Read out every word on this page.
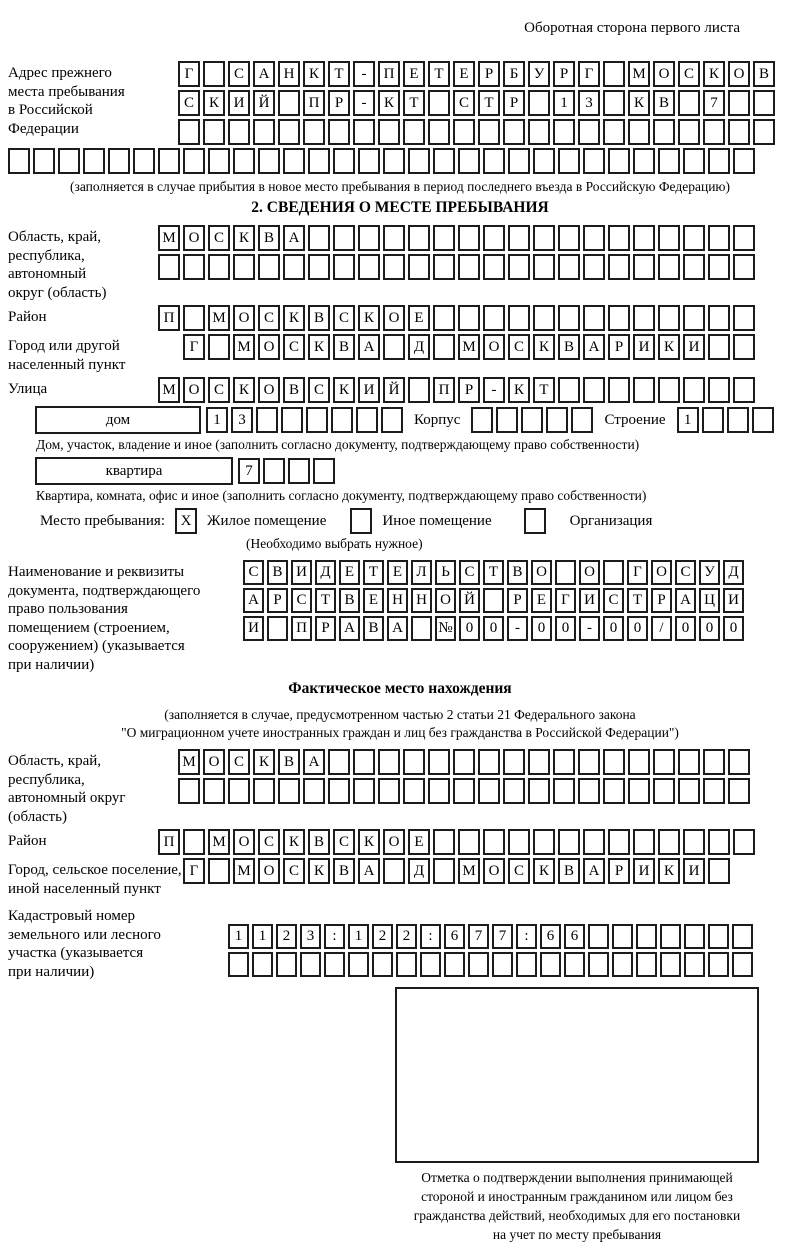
Оборотная сторона первого листа
Адрес прежнего
места пребывания
в Российской
Федерации
Г	С А Н К	Т	-	П Е	Т	Е	Р	Б	У	Р	Г	М О С К О В
С К И Й	П	Р	-	К	Т	С	Т	Р	1	3	К В	7
(заполняется в случае прибытия в новое место пребывания в период последнего въезда в Российскую Федерацию)
2. СВЕДЕНИЯ О МЕСТЕ ПРЕБЫВАНИЯ
Область, край,
республика,
автономный
округ (область)
М О С К В А
Район	П	М О С К В С К О Е
Город или другой
населенный пункт
Г	М О С К В А	Д	М О С К В А	Р	И К И
Улица	М О С К О В С К И Й	П	Р	-	К	Т
дом	1	3	Корпус	Строение	1
Дом, участок, владение и иное (заполнить согласно документу, подтверждающему право собственности)
квартира	7
Квартира, комната, офис и иное (заполнить согласно документу, подтверждающему право собственности)
Место пребывания:	X	Жилое помещение	Иное помещение	Организация
(Необходимо выбрать нужное)
Наименование и реквизиты
документа, подтверждающего
право пользования
помещением (строением,
сооружением) (указывается
при наличии)
С В И Д Е Т Е Л Ь С Т В О	О	Г О С У Д
А Р С Т В Е Н Н О Й	Р	Е	Г И С Т	Р А Ц И
И	П Р А В А	№ 0	0	-	0	0	-	0	0	/	0	0	0
Фактическое место нахождения
(заполняется в случае, предусмотренном частью 2 статьи 21 Федерального закона
"О миграционном учете иностранных граждан и лиц без гражданства в Российской Федерации")
Область, край,
республика,
автономный округ
(область)
М О С К В А
Район	П	М О С К В С К О Е
Город, сельское поселение,
иной населенный пункт
Г	М О С К В А	Д	М О С К В А	Р	И К И
Кадастровый номер
земельного или лесного
участка (указывается
при наличии)
1	1	2	3	:	1	2	2	:	6	7	7	:	6	6
Отметка о подтверждении выполнения принимающей
стороной и иностранным гражданином или лицом без
гражданства действий, необходимых для его постановки
на учет по месту пребывания
